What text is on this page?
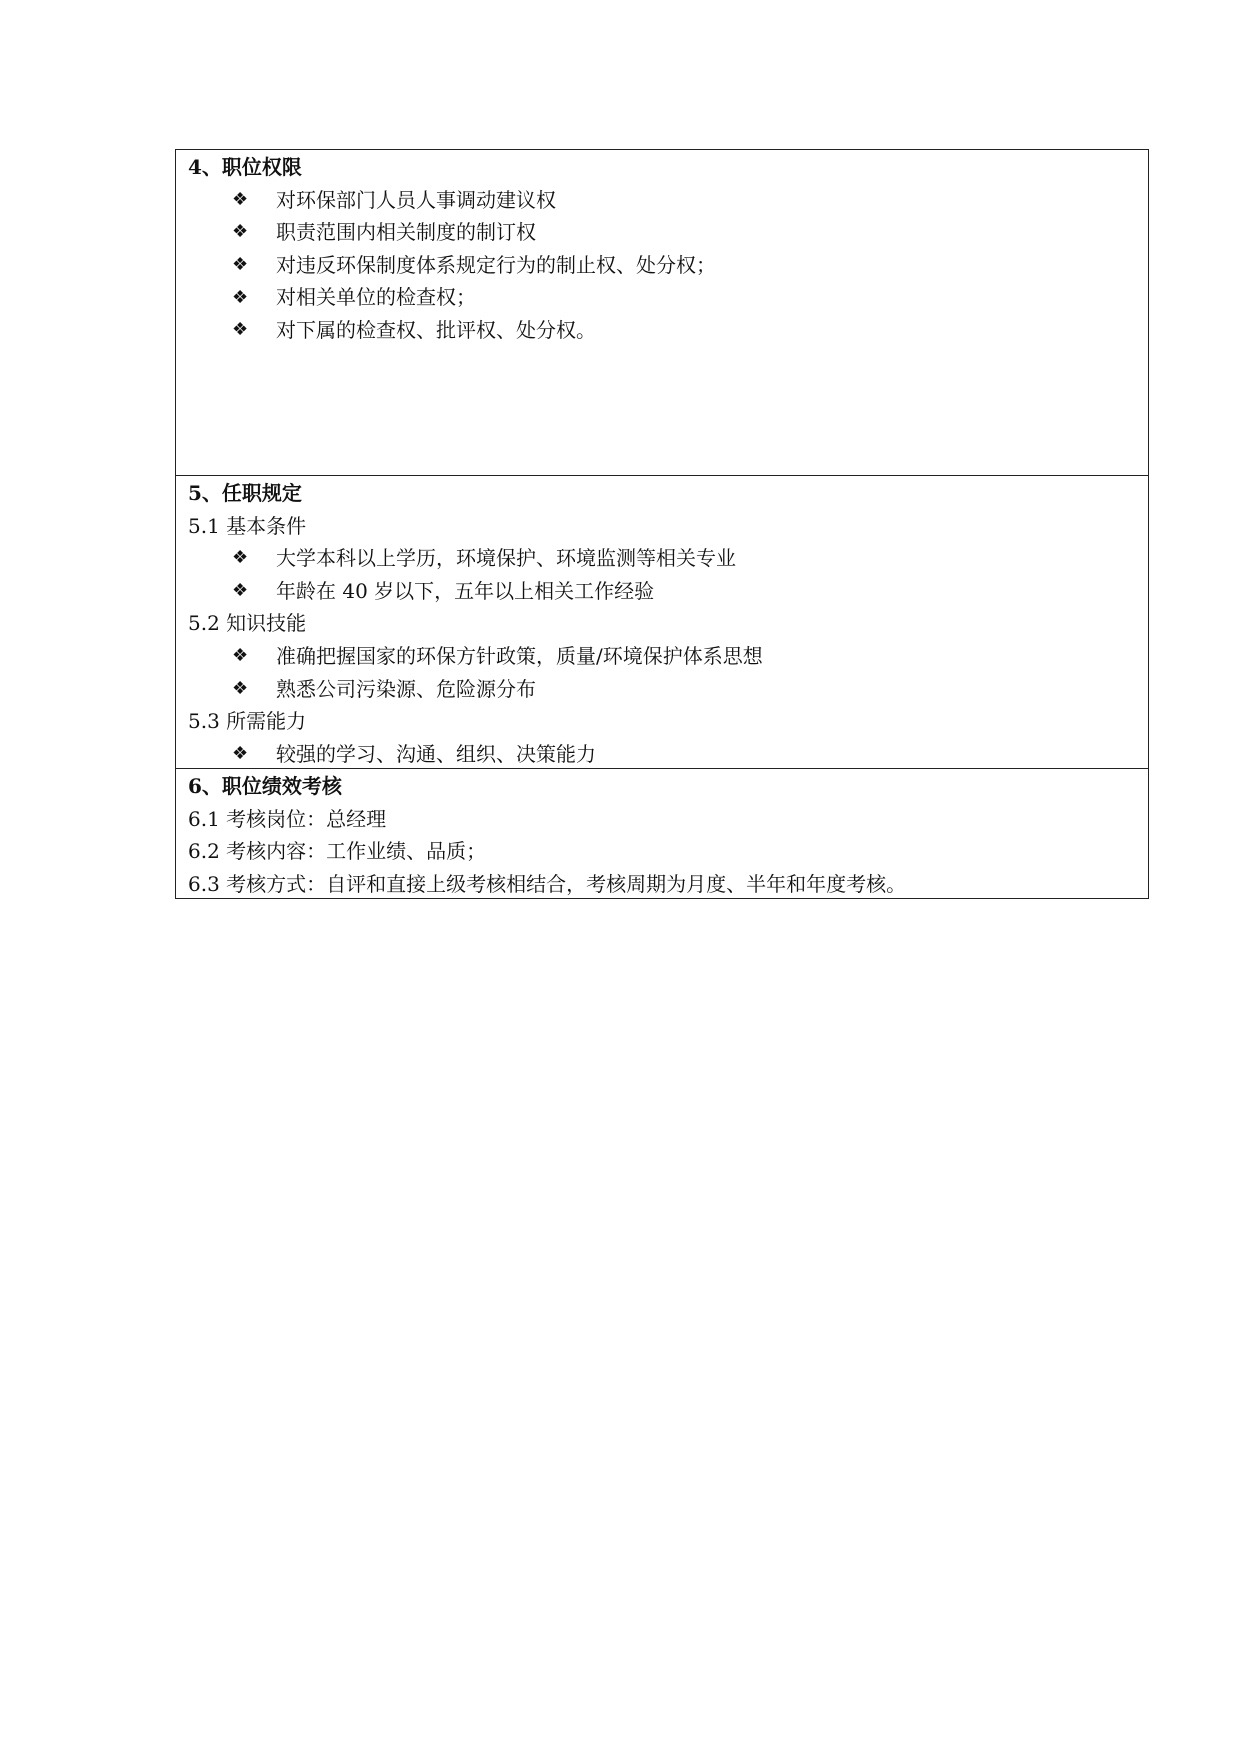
4、职位权限
❖	对环保部门人员人事调动建议权
❖	职责范围内相关制度的制订权
❖	对违反环保制度体系规定行为的制止权、处分权；
❖	对相关单位的检查权；
❖	对下属的检查权、批评权、处分权。
5、任职规定
5.1 基本条件
❖	大学本科以上学历，环境保护、环境监测等相关专业
❖	年龄在 40 岁以下，五年以上相关工作经验
5.2 知识技能
❖	准确把握国家的环保方针政策，质量/环境保护体系思想
❖	熟悉公司污染源、危险源分布
5.3 所需能力
❖	较强的学习、沟通、组织、决策能力
6、职位绩效考核
6.1 考核岗位：总经理
6.2 考核内容：工作业绩、品质；
6.3 考核方式：自评和直接上级考核相结合，考核周期为月度、半年和年度考核。
